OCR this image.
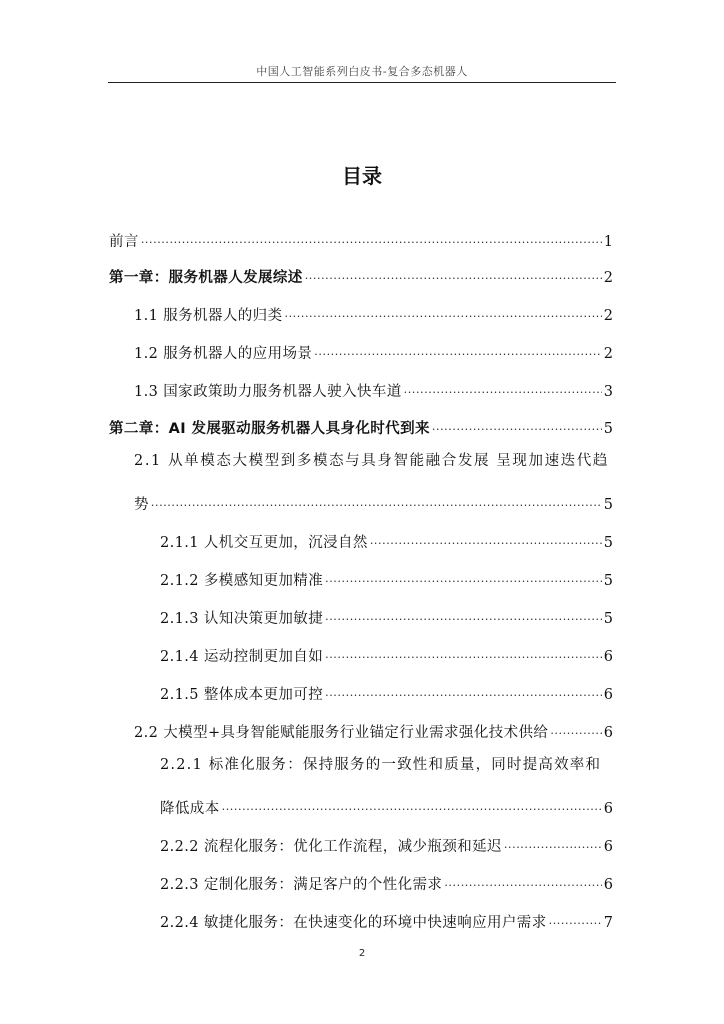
中国人工智能系列白皮书-复合多态机器人
目录
前言 .....	1
第一章：服务机器人发展综述 .....	2
1.1 服务机器人的归类 .....	2
1.2 服务机器人的应用场景 .....	2
1.3 国家政策助力服务机器人驶入快车道 .....	3
第二章：AI 发展驱动服务机器人具身化时代到来 .....	5
2.1 从单模态大模型到多模态与具身智能融合发展 呈现加速迭代趋
势 .....	5
2.1.1 人机交互更加，沉浸自然 .....	5
2.1.2 多模感知更加精准 .....	5
2.1.3 认知决策更加敏捷 .....	5
2.1.4 运动控制更加自如 .....	6
2.1.5 整体成本更加可控 .....	6
2.2 大模型+具身智能赋能服务行业锚定行业需求强化技术供给 .....	6
2.2.1 标准化服务：保持服务的一致性和质量，同时提高效率和
降低成本 .....	6
2.2.2 流程化服务：优化工作流程，减少瓶颈和延迟 .....	6
2.2.3 定制化服务：满足客户的个性化需求 .....	6
2.2.4 敏捷化服务：在快速变化的环境中快速响应用户需求 .....	7
2
